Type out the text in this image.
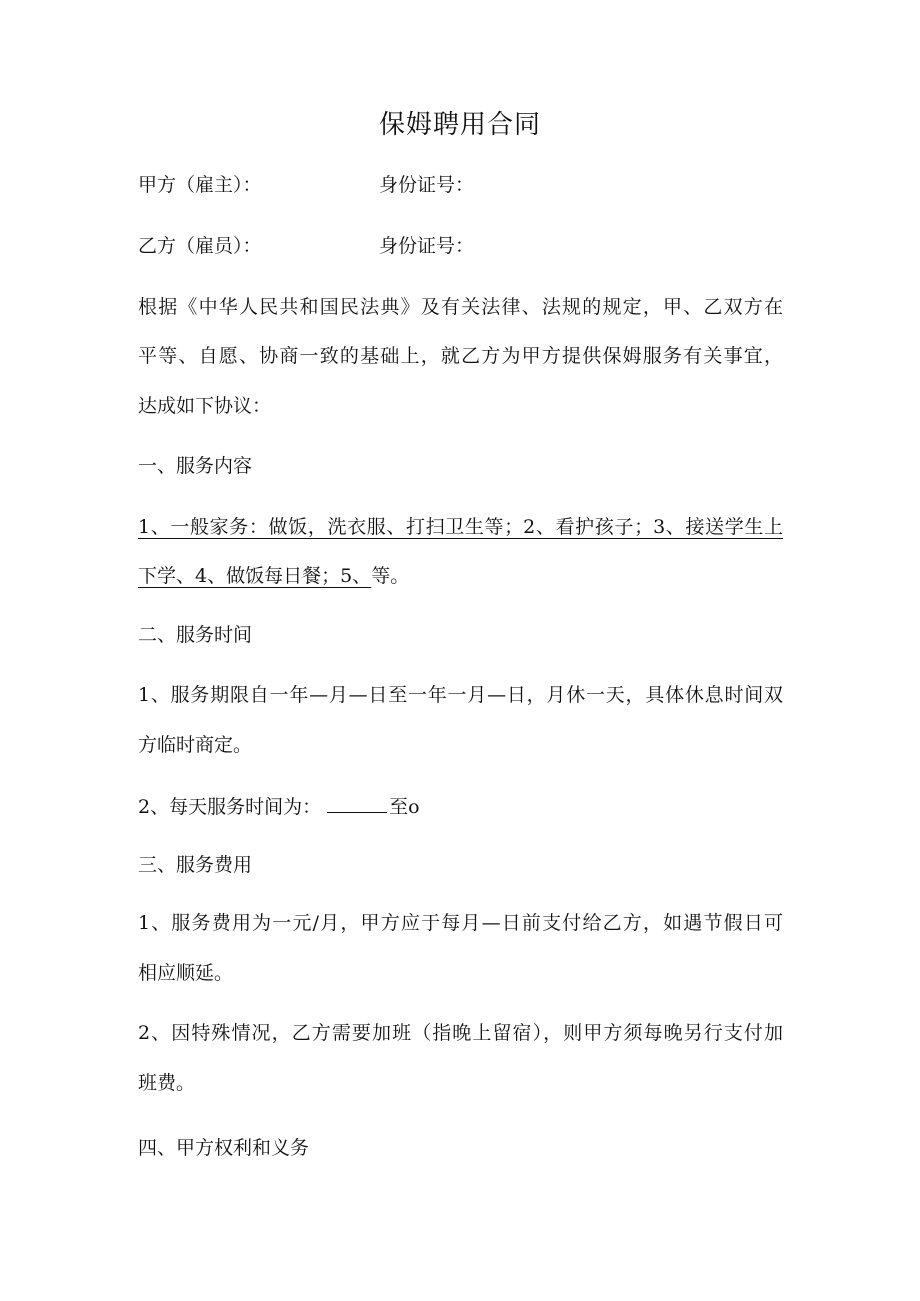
保姆聘用合同
甲方（雇主）：	身份证号：
乙方（雇员）：	身份证号：
根据《中华人民共和国民法典》及有关法律、法规的规定，甲、乙双方在
平等、自愿、协商一致的基础上，就乙方为甲方提供保姆服务有关事宜，
达成如下协议：
一、服务内容
1、一般家务：做饭，洗衣服、打扫卫生等；2、看护孩子；3、接送学生上
下学、4、做饭每日餐；5、等。
二、服务时间
1、服务期限自一年—月—日至一年一月—日，月休一天，具体休息时间双
方临时商定。
2、每天服务时间为：	至o
三、服务费用
1、服务费用为一元/月，甲方应于每月—日前支付给乙方，如遇节假日可
相应顺延。
2、因特殊情况，乙方需要加班（指晚上留宿），则甲方须每晚另行支付加
班费。
四、甲方权利和义务
